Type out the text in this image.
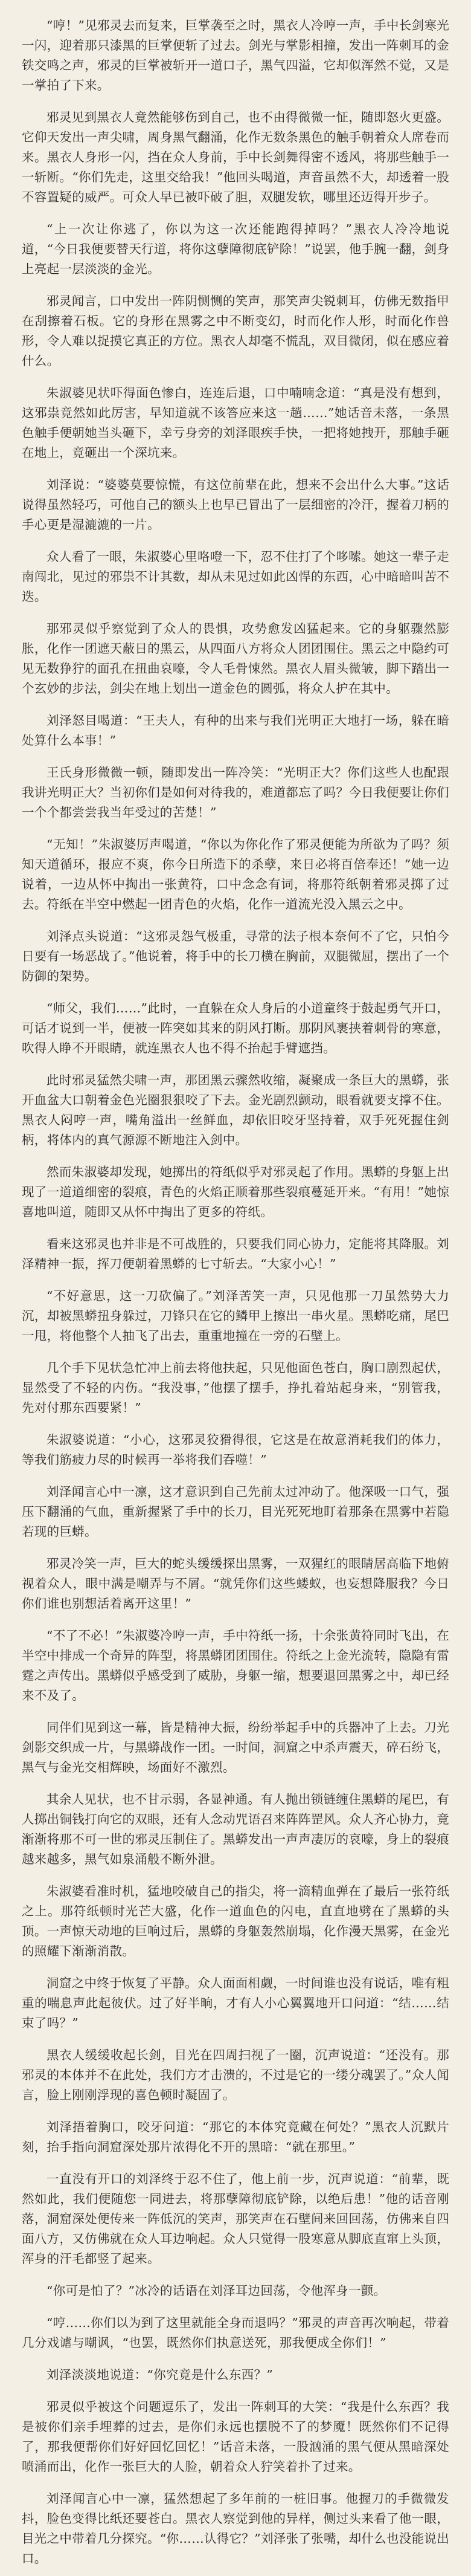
“哼！”见邪灵去而复来，巨掌袭至之时，黑衣人冷哼一声，手中长剑寒光一闪，迎着那只漆黑的巨掌便斩了过去。剑光与掌影相撞，发出一阵刺耳的金铁交鸣之声，邪灵的巨掌被斩开一道口子，黑气四溢，它却似浑然不觉，又是一掌拍了下来。

邪灵见到黑衣人竟然能够伤到自己，也不由得微微一怔，随即怒火更盛。它仰天发出一声尖啸，周身黑气翻涌，化作无数条黑色的触手朝着众人席卷而来。黑衣人身形一闪，挡在众人身前，手中长剑舞得密不透风，将那些触手一一斩断。“你们先走，这里交给我！”他回头喝道，声音虽然不大，却透着一股不容置疑的威严。可众人早已被吓破了胆，双腿发软，哪里还迈得开步子。

“上一次让你逃了，你以为这一次还能跑得掉吗？”黑衣人冷冷地说道，“今日我便要替天行道，将你这孽障彻底铲除！”说罢，他手腕一翻，剑身上亮起一层淡淡的金光。

邪灵闻言，口中发出一阵阴恻恻的笑声，那笑声尖锐刺耳，仿佛无数指甲在刮擦着石板。它的身形在黑雾之中不断变幻，时而化作人形，时而化作兽形，令人难以捉摸它真正的方位。黑衣人却毫不慌乱，双目微闭，似在感应着什么。

朱淑婆见状吓得面色惨白，连连后退，口中喃喃念道：“真是没有想到，这邪祟竟然如此厉害，早知道就不该答应来这一趟……”她话音未落，一条黑色触手便朝她当头砸下，幸亏身旁的刘泽眼疾手快，一把将她拽开，那触手砸在地上，竟砸出一个深坑来。

刘泽说：“婆婆莫要惊慌，有这位前辈在此，想来不会出什么大事。”这话说得虽然轻巧，可他自己的额头上也早已冒出了一层细密的冷汗，握着刀柄的手心更是湿漉漉的一片。

众人看了一眼，朱淑婆心里咯噔一下，忍不住打了个哆嗦。她这一辈子走南闯北，见过的邪祟不计其数，却从未见过如此凶悍的东西，心中暗暗叫苦不迭。

那邪灵似乎察觉到了众人的畏惧，攻势愈发凶猛起来。它的身躯骤然膨胀，化作一团遮天蔽日的黑云，从四面八方将众人团团围住。黑云之中隐约可见无数狰狞的面孔在扭曲哀嚎，令人毛骨悚然。黑衣人眉头微皱，脚下踏出一个玄妙的步法，剑尖在地上划出一道金色的圆弧，将众人护在其中。

刘泽怒目喝道：“王夫人，有种的出来与我们光明正大地打一场，躲在暗处算什么本事！”

王氏身形微微一顿，随即发出一阵冷笑：“光明正大？你们这些人也配跟我讲光明正大？当初你们是如何对待我的，难道都忘了吗？今日我便要让你们一个个都尝尝我当年受过的苦楚！”

“无知！”朱淑婆厉声喝道，“你以为你化作了邪灵便能为所欲为了吗？须知天道循环，报应不爽，你今日所造下的杀孽，来日必将百倍奉还！”她一边说着，一边从怀中掏出一张黄符，口中念念有词，将那符纸朝着邪灵掷了过去。符纸在半空中燃起一团青色的火焰，化作一道流光没入黑云之中。

刘泽点头说道：“这邪灵怨气极重，寻常的法子根本奈何不了它，只怕今日要有一场恶战了。”他说着，将手中的长刀横在胸前，双腿微屈，摆出了一个防御的架势。

“师父，我们……”此时，一直躲在众人身后的小道童终于鼓起勇气开口，可话才说到一半，便被一阵突如其来的阴风打断。那阴风裹挟着刺骨的寒意，吹得人睁不开眼睛，就连黑衣人也不得不抬起手臂遮挡。

此时邪灵猛然尖啸一声，那团黑云骤然收缩，凝聚成一条巨大的黑蟒，张开血盆大口朝着金色光圈狠狠咬了下去。金光剧烈颤动，眼看就要支撑不住。黑衣人闷哼一声，嘴角溢出一丝鲜血，却依旧咬牙坚持着，双手死死握住剑柄，将体内的真气源源不断地注入剑中。

然而朱淑婆却发现，她掷出的符纸似乎对邪灵起了作用。黑蟒的身躯上出现了一道道细密的裂痕，青色的火焰正顺着那些裂痕蔓延开来。“有用！”她惊喜地叫道，随即又从怀中掏出了更多的符纸。

看来这邪灵也并非是不可战胜的，只要我们同心协力，定能将其降服。刘泽精神一振，挥刀便朝着黑蟒的七寸斩去。“大家小心！”

“不好意思，这一刀砍偏了。”刘泽苦笑一声，只见他那一刀虽然势大力沉，却被黑蟒扭身躲过，刀锋只在它的鳞甲上擦出一串火星。黑蟒吃痛，尾巴一甩，将他整个人抽飞了出去，重重地撞在一旁的石壁上。

几个手下见状急忙冲上前去将他扶起，只见他面色苍白，胸口剧烈起伏，显然受了不轻的内伤。“我没事，”他摆了摆手，挣扎着站起身来，“别管我，先对付那东西要紧！”

朱淑婆说道：“小心，这邪灵狡猾得很，它这是在故意消耗我们的体力，等我们筋疲力尽的时候再一举将我们吞噬！”

刘泽闻言心中一凛，这才意识到自己先前太过冲动了。他深吸一口气，强压下翻涌的气血，重新握紧了手中的长刀，目光死死地盯着那条在黑雾中若隐若现的巨蟒。

邪灵冷笑一声，巨大的蛇头缓缓探出黑雾，一双猩红的眼睛居高临下地俯视着众人，眼中满是嘲弄与不屑。“就凭你们这些蝼蚁，也妄想降服我？今日你们谁也别想活着离开这里！”

“不了不必！”朱淑婆冷哼一声，手中符纸一扬，十余张黄符同时飞出，在半空中排成一个奇异的阵型，将黑蟒团团围住。符纸之上金光流转，隐隐有雷霆之声传出。黑蟒似乎感受到了威胁，身躯一缩，想要退回黑雾之中，却已经来不及了。

同伴们见到这一幕，皆是精神大振，纷纷举起手中的兵器冲了上去。刀光剑影交织成一片，与黑蟒战作一团。一时间，洞窟之中杀声震天，碎石纷飞，黑气与金光交相辉映，场面好不激烈。

其余人见状，也不甘示弱，各显神通。有人抛出锁链缠住黑蟒的尾巴，有人掷出铜钱打向它的双眼，还有人念动咒语召来阵阵罡风。众人齐心协力，竟渐渐将那不可一世的邪灵压制住了。黑蟒发出一声声凄厉的哀嚎，身上的裂痕越来越多，黑气如泉涌般不断外泄。

朱淑婆看准时机，猛地咬破自己的指尖，将一滴精血弹在了最后一张符纸之上。那符纸顿时光芒大盛，化作一道血色的闪电，直直地劈在了黑蟒的头顶。一声惊天动地的巨响过后，黑蟒的身躯轰然崩塌，化作漫天黑雾，在金光的照耀下渐渐消散。

洞窟之中终于恢复了平静。众人面面相觑，一时间谁也没有说话，唯有粗重的喘息声此起彼伏。过了好半晌，才有人小心翼翼地开口问道：“结……结束了吗？”

黑衣人缓缓收起长剑，目光在四周扫视了一圈，沉声说道：“还没有。那邪灵的本体并不在此处，我们方才击溃的，不过是它的一缕分魂罢了。”众人闻言，脸上刚刚浮现的喜色顿时凝固了。

刘泽捂着胸口，咬牙问道：“那它的本体究竟藏在何处？”黑衣人沉默片刻，抬手指向洞窟深处那片浓得化不开的黑暗：“就在那里。”

一直没有开口的刘泽终于忍不住了，他上前一步，沉声说道：“前辈，既然如此，我们便随您一同进去，将那孽障彻底铲除，以绝后患！”他的话音刚落，洞窟深处便传来一阵低沉的笑声，那笑声在石壁间来回回荡，仿佛来自四面八方，又仿佛就在众人耳边响起。众人只觉得一股寒意从脚底直窜上头顶，浑身的汗毛都竖了起来。

“你可是怕了？”冰冷的话语在刘泽耳边回荡，令他浑身一颤。

“哼……你们以为到了这里就能全身而退吗？”邪灵的声音再次响起，带着几分戏谑与嘲讽，“也罢，既然你们执意送死，那我便成全你们！”

刘泽淡淡地说道：“你究竟是什么东西？”

邪灵似乎被这个问题逗乐了，发出一阵刺耳的大笑：“我是什么东西？我是被你们亲手埋葬的过去，是你们永远也摆脱不了的梦魇！既然你们不记得了，那我便帮你们好好回忆回忆！”话音未落，一股汹涌的黑气便从黑暗深处喷涌而出，化作一张巨大的人脸，朝着众人狞笑着扑了过来。

刘泽闻言心中一凛，猛然想起了多年前的一桩旧事。他握刀的手微微发抖，脸色变得比纸还要苍白。黑衣人察觉到他的异样，侧过头来看了他一眼，目光之中带着几分探究。“你……认得它？”刘泽张了张嘴，却什么也没能说出口。
